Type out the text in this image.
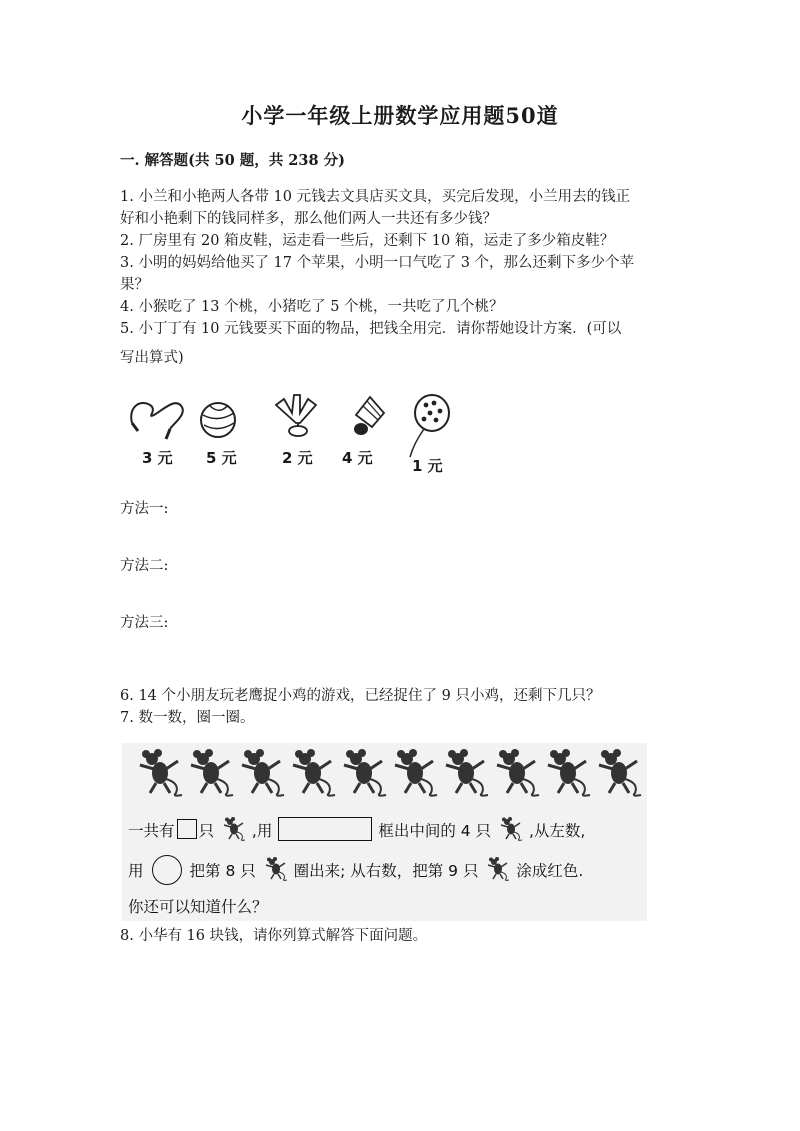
小学一年级上册数学应用题50道
一. 解答题(共 50 题，共 238 分)

1. 小兰和小艳两人各带 10 元钱去文具店买文具，买完后发现，小兰用去的钱正

好和小艳剩下的钱同样多，那么他们两人一共还有多少钱？

2. 厂房里有 20 箱皮鞋，运走看一些后，还剩下 10 箱，运走了多少箱皮鞋？

3. 小明的妈妈给他买了 17 个苹果，小明一口气吃了 3 个，那么还剩下多少个苹

果？

4. 小猴吃了 13 个桃，小猪吃了 5 个桃，一共吃了几个桃？

5. 小丁丁有 10 元钱要买下面的物品，把钱全用完．请你帮她设计方案．(可以

写出算式)
3 元 5 元	2 元 4 元	1 元
方法一:
方法二:
方法三:
6. 14 个小朋友玩老鹰捉小鸡的游戏，已经捉住了 9 只小鸡，还剩下几只？
7. 数一数，圈一圈。
一共有 只 ,用	框出中间的 4 只 ,从左数,
用	把第 8 只 圈出来; 从右数，把第 9 只 涂成红色.
你还可以知道什么？
8. 小华有 16 块钱，请你列算式解答下面问题。
